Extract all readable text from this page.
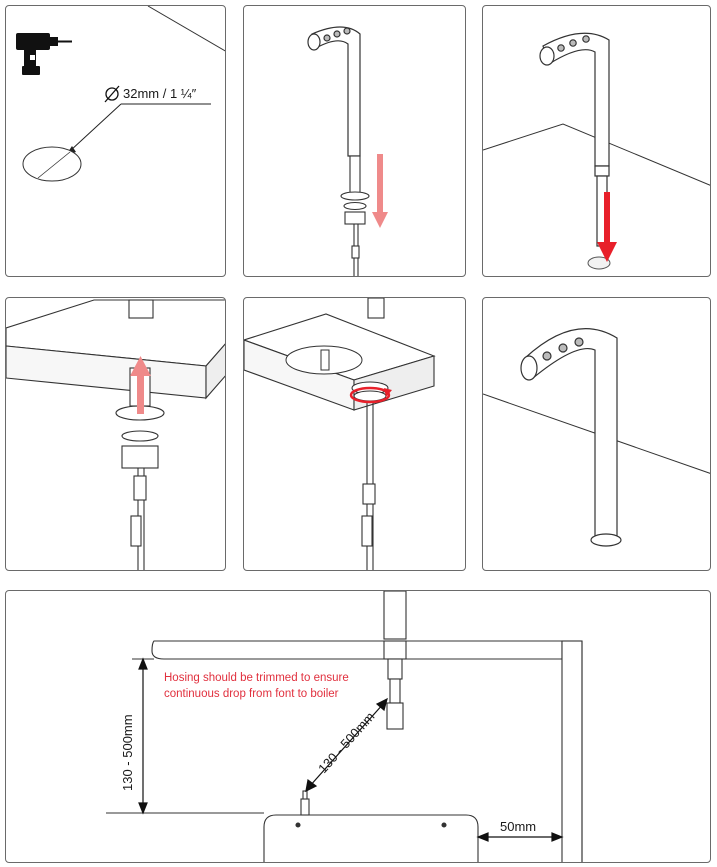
32mm / 1 ¼″
130 - 500mm	130 - 500mm
Hosing should be trimmed to ensure
continuous drop from font to boiler
50mm
